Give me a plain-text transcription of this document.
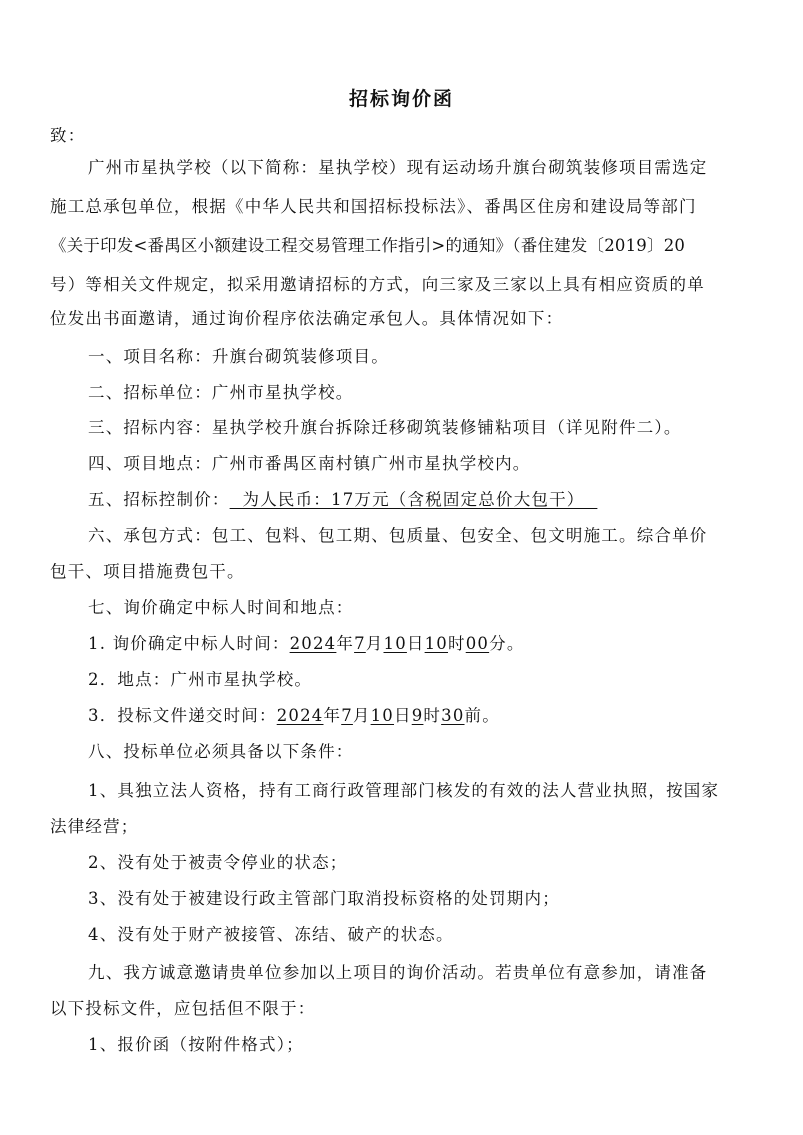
招标询价函
致：
广州市星执学校（以下简称：星执学校）现有运动场升旗台砌筑装修项目需选定
施工总承包单位，根据《中华人民共和国招标投标法》、番禺区住房和建设局等部门
《关于印发<番禺区小额建设工程交易管理工作指引>的通知》（番住建发〔2019〕20
号）等相关文件规定，拟采用邀请招标的方式，向三家及三家以上具有相应资质的单
位发出书面邀请，通过询价程序依法确定承包人。具体情况如下：
一、项目名称：升旗台砌筑装修项目。
二、招标单位：广州市星执学校。
三、招标内容：星执学校升旗台拆除迁移砌筑装修铺粘项目（详见附件二）。
四、项目地点：广州市番禺区南村镇广州市星执学校内。
五、招标控制价： 为人民币：17万元（含税固定总价大包干）
六、承包方式：包工、包料、包工期、包质量、包安全、包文明施工。综合单价
包干、项目措施费包干。
七、询价确定中标人时间和地点：
1. 询价确定中标人时间：2024年7月10日10时00分。
2．地点：广州市星执学校。
3．投标文件递交时间：2024年7月10日9时30前。
八、投标单位必须具备以下条件：
1、具独立法人资格，持有工商行政管理部门核发的有效的法人营业执照，按国家
法律经营；
2、没有处于被责令停业的状态；
3、没有处于被建设行政主管部门取消投标资格的处罚期内；
4、没有处于财产被接管、冻结、破产的状态。
九、我方诚意邀请贵单位参加以上项目的询价活动。若贵单位有意参加，请准备
以下投标文件，应包括但不限于：
1、报价函（按附件格式）；
